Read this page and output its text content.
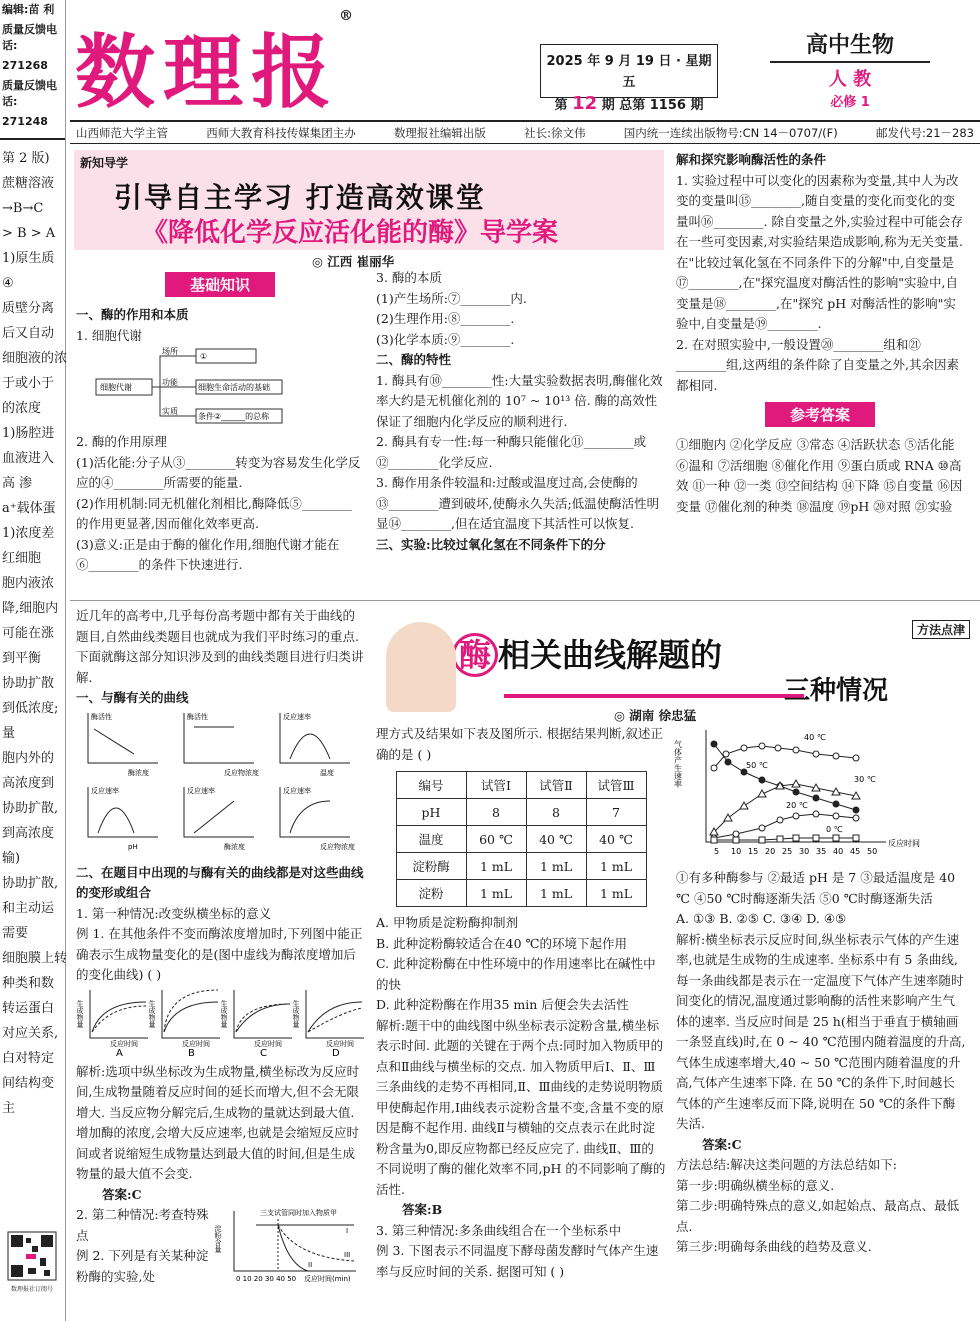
编辑:苗 利
质量反馈电话:
271268
质量反馈电话:
271248
第 2 版)
蔗糖溶液
→B→C
> B > A
1)原生质
④
质壁分离
后又自动
细胞液的浓
于或小于
的浓度
1)肠腔进
血液进入
高 渗
a⁺载体蛋
1)浓度差
红细胞
胞内液浓
降,细胞内
可能在涨
到平衡
协助扩散
到低浓度;
量
胞内外的
高浓度到
协助扩散,
到高浓度
输)
协助扩散,
和主动运
需要
细胞膜上转
种类和数
转运蛋白
对应关系,
白对特定
间结构变
主
数理报社订阅号
数理报®
2025 年 9 月 19 日 · 星期五
第 12 期 总第 1156 期
高中生物
人 教
必修 1
山西师范大学主管	西师大教育科技传媒集团主办	数理报社编辑出版	社长:徐文伟	国内统一连续出版物号:CN 14－0707/(F)	邮发代号:21－283
新知导学
引导自主学习 打造高效课堂
《降低化学反应活化能的酶》导学案
◎ 江西 崔丽华
基础知识
一、酶的作用和本质
1. 细胞代谢
细胞代谢
场所
功能
实质
①
细胞生命活动的基础
条件②______的总称
2. 酶的作用原理

(1)活化能:分子从③________转变为容易发生化学反应的④________所需要的能量.

(2)作用机制:同无机催化剂相比,酶降低⑤________的作用更显著,因而催化效率更高.

(3)意义:正是由于酶的催化作用,细胞代谢才能在⑥________的条件下快速进行.

3. 酶的本质

(1)产生场所:⑦________内.

(2)生理作用:⑧________.

(3)化学本质:⑨________.

二、酶的特性

1. 酶具有⑩________性:大量实验数据表明,酶催化效率大约是无机催化剂的 10⁷ ~ 10¹³ 倍. 酶的高效性保证了细胞内化学反应的顺利进行.

2. 酶具有专一性:每一种酶只能催化⑪________或⑫________化学反应.

3. 酶作用条件较温和:过酸或温度过高,会使酶的⑬________遭到破坏,使酶永久失活;低温使酶活性明显⑭________,但在适宜温度下其活性可以恢复.

三、实验:比较过氧化氢在不同条件下的分
解和探究影响酶活性的条件

1. 实验过程中可以变化的因素称为变量,其中人为改变的变量叫⑮________,随自变量的变化而变化的变量叫⑯________. 除自变量之外,实验过程中可能会存在一些可变因素,对实验结果造成影响,称为无关变量. 在"比较过氧化氢在不同条件下的分解"中,自变量是⑰________,在"探究温度对酶活性的影响"实验中,自变量是⑱________,在"探究 pH 对酶活性的影响"实验中,自变量是⑲________.

2. 在对照实验中,一般设置⑳________组和㉑________组,这两组的条件除了自变量之外,其余因素都相同.

参考答案

①细胞内 ②化学反应 ③常态 ④活跃状态 ⑤活化能 ⑥温和 ⑦活细胞 ⑧催化作用 ⑨蛋白质或 RNA ⑩高效 ⑪一种 ⑫一类 ⑬空间结构 ⑭下降 ⑮自变量 ⑯因变量 ⑰催化剂的种类 ⑱温度 ⑲pH ⑳对照 ㉑实验

方法点津
酶 相关曲线解题的
三种情况
◎ 湖南 徐忠猛

近几年的高考中,几乎每份高考题中都有关于曲线的题目,自然曲线类题目也就成为我们平时练习的重点. 下面就酶这部分知识涉及到的曲线类题目进行归类讲解.

一、与酶有关的曲线
酶活性
酶浓度
酶活性
反应物浓度
反应速率
温度
反应速率
pH
反应速率
酶浓度
反应速率
反应物浓度

二、在题目中出现的与酶有关的曲线都是对这些曲线的变形或组合

1. 第一种情况:改变纵横坐标的意义

例 1. 在其他条件不变而酶浓度增加时,下列图中能正确表示生成物量变化的是(图中虚线为酶浓度增加后的变化曲线) ( )

生成物量
反应时间
A
生成物量
反应时间
B
生成物量
反应时间
C
生成物量
反应时间
D

解析:选项中纵坐标改为生成物量,横坐标改为反应时间,生成物量随着反应时间的延长而增大,但不会无限增大. 当反应物分解完后,生成物的量就达到最大值. 增加酶的浓度,会增大反应速率,也就是会缩短反应时间或者说缩短生成物量达到最大值的时间,但是生成物量的最大值不会变.

答案:C

2. 第二种情况:考查特殊点

例 2. 下列是有关某种淀粉酶的实验,处

淀粉含量
三支试管同时加入物质甲
I
II
III
0 10 20 30 40 50 反应时间(min)

理方式及结果如下表及图所示. 根据结果判断,叙述正确的是 ( )

编号	试管Ⅰ	试管Ⅱ	试管Ⅲ
pH	8	8	7
温度	60 ℃	40 ℃	40 ℃
淀粉酶	1 mL	1 mL	1 mL
淀粉	1 mL	1 mL	1 mL

A. 甲物质是淀粉酶抑制剂

B. 此种淀粉酶较适合在40 ℃的环境下起作用

C. 此种淀粉酶在中性环境中的作用速率比在碱性中的快

D. 此种淀粉酶在作用35 min 后便会失去活性

解析:题干中的曲线图中纵坐标表示淀粉含量,横坐标表示时间. 此题的关键在于两个点:同时加入物质甲的点和Ⅱ曲线与横坐标的交点. 加入物质甲后Ⅰ、Ⅱ、Ⅲ三条曲线的走势不再相同,Ⅱ、Ⅲ曲线的走势说明物质甲使酶起作用,Ⅰ曲线表示淀粉含量不变,含量不变的原因是酶不起作用. 曲线Ⅱ与横轴的交点表示在此时淀粉含量为0,即反应物都已经反应完了. 曲线Ⅱ、Ⅲ的不同说明了酶的催化效率不同,pH 的不同影响了酶的活性.

答案:B

3. 第三种情况:多条曲线组合在一个坐标系中

例 3. 下图表示不同温度下酵母菌发酵时气体产生速率与反应时间的关系. 据图可知 ( )

气体产生速率
5 10 15 20 25 30 35 40 45 50
反应时间
40 ℃
50 ℃
30 ℃
20 ℃
0 ℃

①有多种酶参与 ②最适 pH 是 7 ③最适温度是 40 ℃ ④50 ℃时酶逐渐失活 ⑤0 ℃时酶逐渐失活

A. ①③ B. ②⑤ C. ③④ D. ④⑤

解析:横坐标表示反应时间,纵坐标表示气体的产生速率,也就是生成物的生成速率. 坐标系中有 5 条曲线,每一条曲线都是表示在一定温度下气体产生速率随时间变化的情况,温度通过影响酶的活性来影响产生气体的速率. 当反应时间是 25 h(相当于垂直于横轴画一条竖直线)时,在 0 ~ 40 ℃范围内随着温度的升高,气体生成速率增大,40 ~ 50 ℃范围内随着温度的升高,气体产生速率下降. 在 50 ℃的条件下,时间越长气体的产生速率反而下降,说明在 50 ℃的条件下酶失活.

答案:C

方法总结:解决这类问题的方法总结如下:

第一步:明确纵横坐标的意义.

第二步:明确特殊点的意义,如起始点、最高点、最低点.

第三步:明确每条曲线的趋势及意义.
